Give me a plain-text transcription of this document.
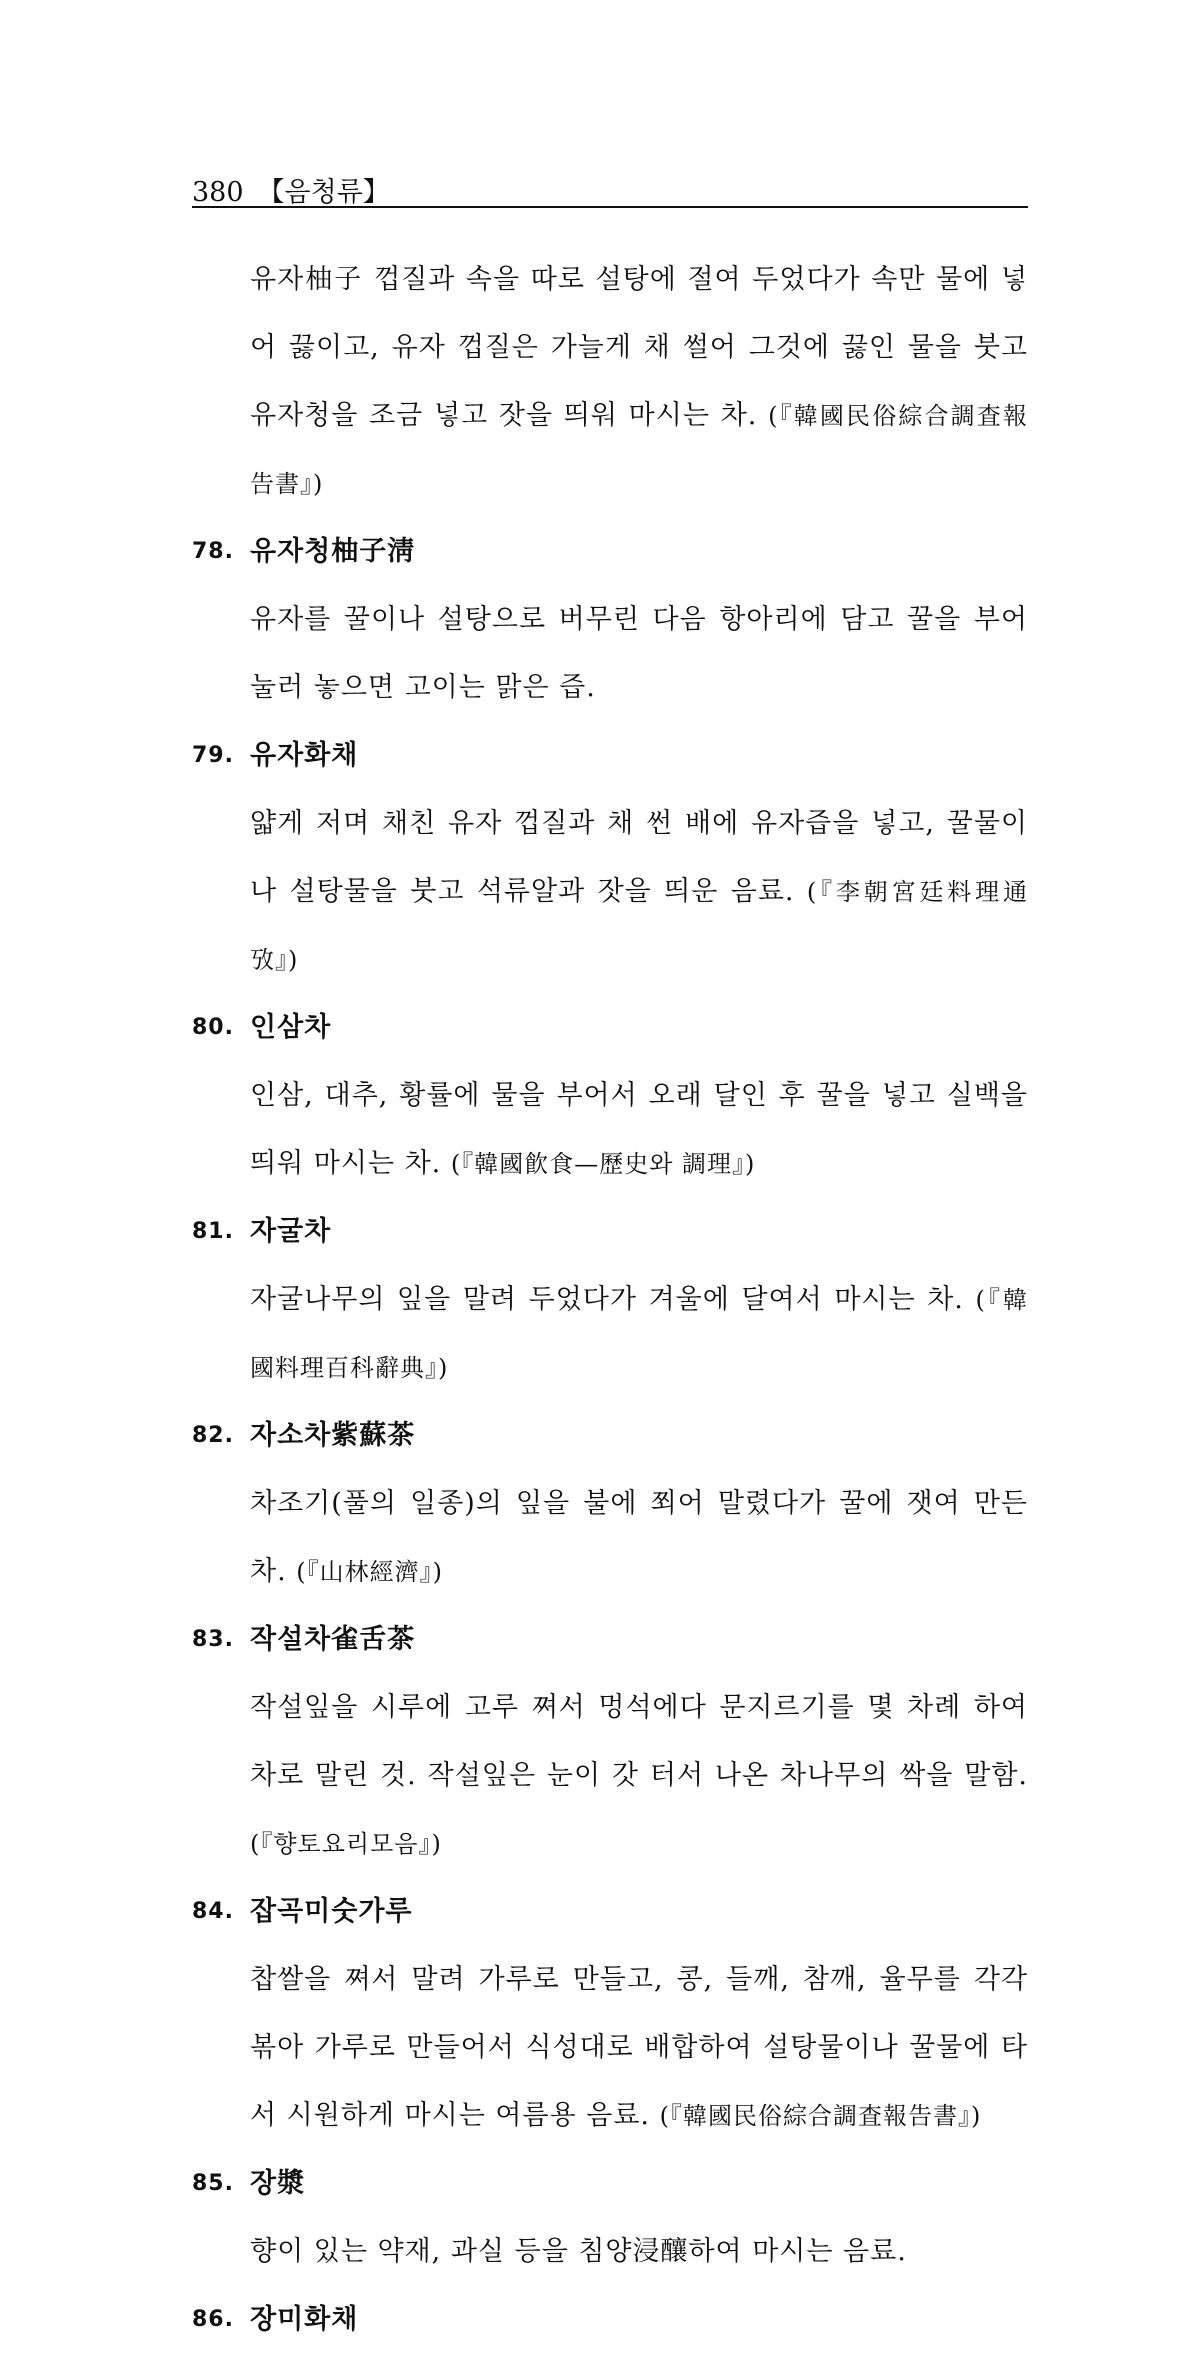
380 【음청류】
유자柚子 껍질과 속을 따로 설탕에 절여 두었다가 속만 물에 넣어 끓이고, 유자 껍질은 가늘게 채 썰어 그것에 끓인 물을 붓고 유자청을 조금 넣고 잣을 띄워 마시는 차. (『韓國民俗綜合調査報告書』)
78. 유자청柚子淸
유자를 꿀이나 설탕으로 버무린 다음 항아리에 담고 꿀을 부어 눌러 놓으면 고이는 맑은 즙.
79. 유자화채
얇게 저며 채친 유자 껍질과 채 썬 배에 유자즙을 넣고, 꿀물이나 설탕물을 붓고 석류알과 잣을 띄운 음료. (『李朝宮廷料理通攷』)
80. 인삼차
인삼, 대추, 황률에 물을 부어서 오래 달인 후 꿀을 넣고 실백을 띄워 마시는 차. (『韓國飮食—歷史와 調理』)
81. 자굴차
자굴나무의 잎을 말려 두었다가 겨울에 달여서 마시는 차. (『韓國料理百科辭典』)
82. 자소차紫蘇茶
차조기(풀의 일종)의 잎을 불에 쬐어 말렸다가 꿀에 잿여 만든 차. (『山林經濟』)
83. 작설차雀舌茶
작설잎을 시루에 고루 쪄서 멍석에다 문지르기를 몇 차례 하여 차로 말린 것. 작설잎은 눈이 갓 터서 나온 차나무의 싹을 말함. (『향토요리모음』)
84. 잡곡미숫가루
찹쌀을 쪄서 말려 가루로 만들고, 콩, 들깨, 참깨, 율무를 각각 볶아 가루로 만들어서 식성대로 배합하여 설탕물이나 꿀물에 타서 시원하게 마시는 여름용 음료. (『韓國民俗綜合調査報告書』)
85. 장漿
향이 있는 약재, 과실 등을 침양浸釀하여 마시는 음료.
86. 장미화채
